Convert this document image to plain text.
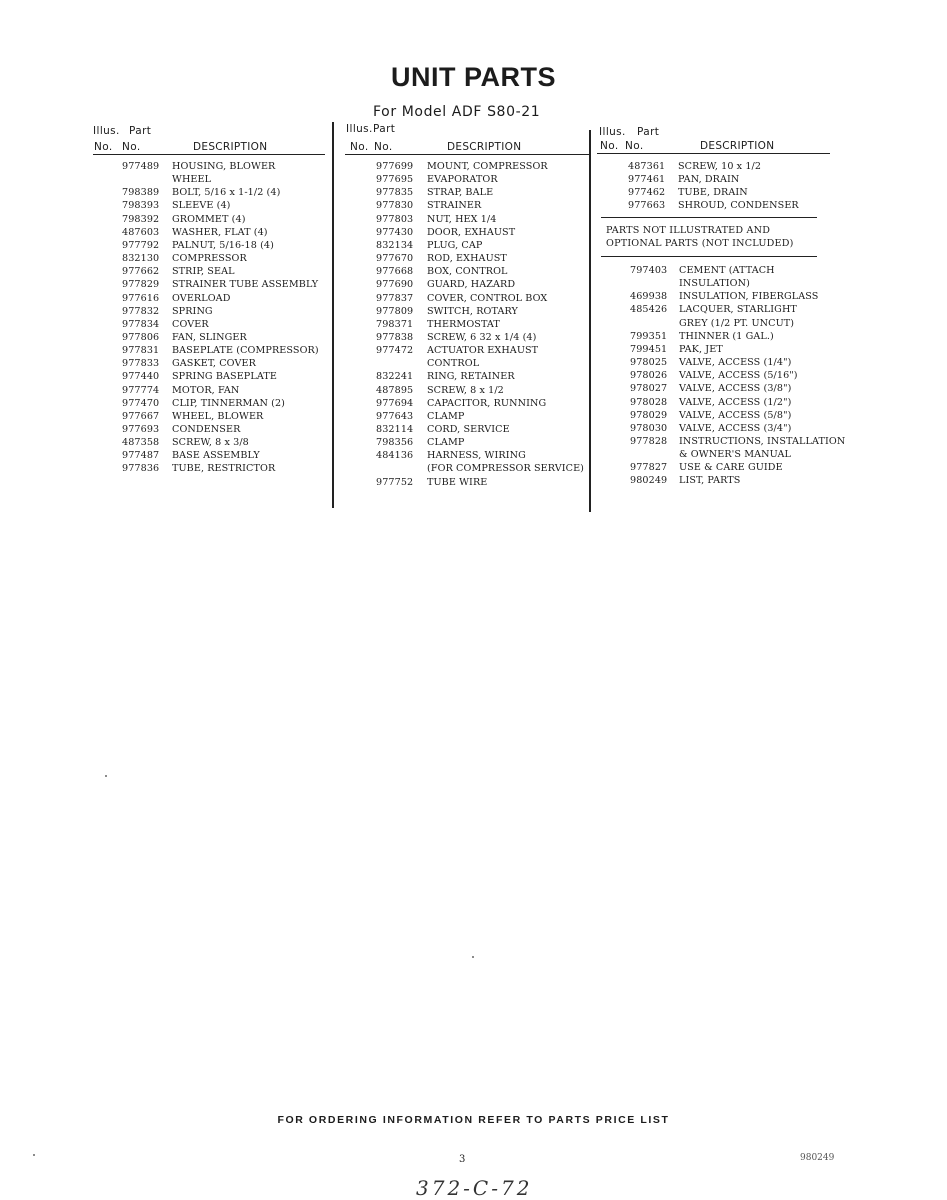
UNIT PARTS
For Model ADF S80-21
Illus. Part
No. No.	DESCRIPTION
Illus. Part
No. No.	DESCRIPTION
Illus. Part
No. No.	DESCRIPTION
977489 HOUSING, BLOWER
WHEEL
798389 BOLT, 5/16 x 1-1/2 (4)
798393 SLEEVE (4)
798392 GROMMET (4)
487603 WASHER, FLAT (4)
977792 PALNUT, 5/16-18 (4)
832130 COMPRESSOR
977662 STRIP, SEAL
977829 STRAINER TUBE ASSEMBLY
977616 OVERLOAD
977832 SPRING
977834 COVER
977806 FAN, SLINGER
977831 BASEPLATE (COMPRESSOR)
977833 GASKET, COVER
977440 SPRING BASEPLATE
977774 MOTOR, FAN
977470 CLIP, TINNERMAN (2)
977667 WHEEL, BLOWER
977693 CONDENSER
487358 SCREW, 8 x 3/8
977487 BASE ASSEMBLY
977836 TUBE, RESTRICTOR
977699 MOUNT, COMPRESSOR
977695 EVAPORATOR
977835 STRAP, BALE
977830 STRAINER
977803 NUT, HEX 1/4
977430 DOOR, EXHAUST
832134 PLUG, CAP
977670 ROD, EXHAUST
977668 BOX, CONTROL
977690 GUARD, HAZARD
977837 COVER, CONTROL BOX
977809 SWITCH, ROTARY
798371 THERMOSTAT
977838 SCREW, 6 32 x 1/4 (4)
977472 ACTUATOR EXHAUST
CONTROL
832241 RING, RETAINER
487895 SCREW, 8 x 1/2
977694 CAPACITOR, RUNNING
977643 CLAMP
832114 CORD, SERVICE
798356 CLAMP
484136 HARNESS, WIRING
(FOR COMPRESSOR SERVICE)
977752 TUBE WIRE
487361 SCREW, 10 x 1/2
977461 PAN, DRAIN
977462 TUBE, DRAIN
977663 SHROUD, CONDENSER
PARTS NOT ILLUSTRATED AND
OPTIONAL PARTS (NOT INCLUDED)
797403 CEMENT (ATTACH
INSULATION)
469938 INSULATION, FIBERGLASS
485426 LACQUER, STARLIGHT
GREY (1/2 PT. UNCUT)
799351 THINNER (1 GAL.)
799451 PAK, JET
978025 VALVE, ACCESS (1/4")
978026 VALVE, ACCESS (5/16")
978027 VALVE, ACCESS (3/8")
978028 VALVE, ACCESS (1/2")
978029 VALVE, ACCESS (5/8")
978030 VALVE, ACCESS (3/4")
977828 INSTRUCTIONS, INSTALLATION
& OWNER'S MANUAL
977827 USE & CARE GUIDE
980249 LIST, PARTS
FOR ORDERING INFORMATION REFER TO PARTS PRICE LIST
3	980249
372-C-72
